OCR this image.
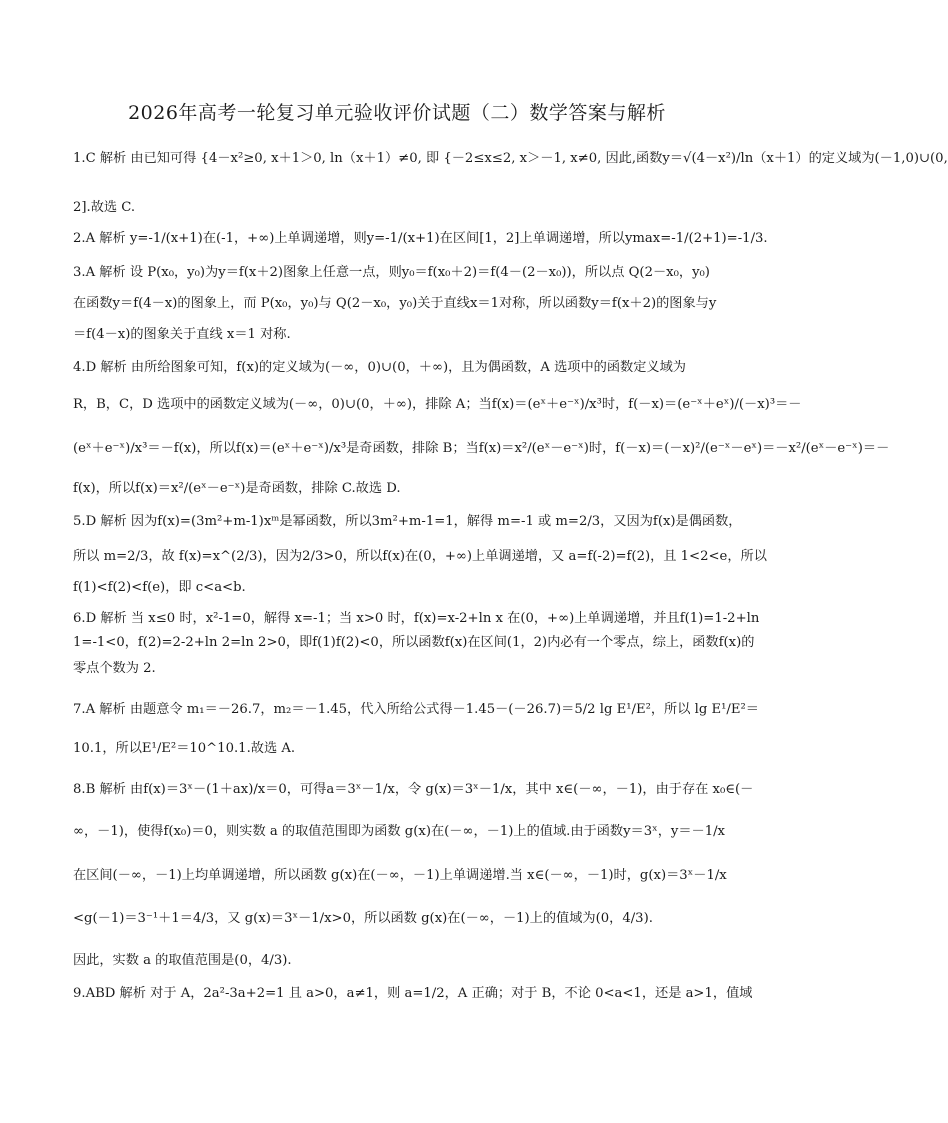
2026年高考一轮复习单元验收评价试题（二）数学答案与解析
1.C 解析 由已知可得 {4－x²≥0, x＋1＞0, ln（x＋1）≠0, 即 {－2≤x≤2, x＞－1, x≠0, 因此,函数y＝√(4－x²)/ln（x＋1）的定义域为(－1,0)∪(0,
2].故选 C.
2.A 解析 y=-1/(x+1)在(-1，+∞)上单调递增，则y=-1/(x+1)在区间[1，2]上单调递增，所以ymax=-1/(2+1)=-1/3.
3.A 解析 设 P(x₀，y₀)为y＝f(x＋2)图象上任意一点，则y₀＝f(x₀＋2)＝f(4－(2－x₀))，所以点 Q(2－x₀，y₀)
在函数y＝f(4－x)的图象上，而 P(x₀，y₀)与 Q(2－x₀，y₀)关于直线x＝1对称，所以函数y＝f(x＋2)的图象与y
＝f(4－x)的图象关于直线 x＝1 对称.
4.D 解析 由所给图象可知，f(x)的定义域为(－∞，0)∪(0，＋∞)，且为偶函数，A 选项中的函数定义域为
R，B，C，D 选项中的函数定义域为(－∞，0)∪(0，＋∞)，排除 A；当f(x)＝(eˣ＋e⁻ˣ)/x³时，f(－x)＝(e⁻ˣ＋eˣ)/(－x)³＝－
(eˣ＋e⁻ˣ)/x³＝－f(x)，所以f(x)＝(eˣ＋e⁻ˣ)/x³是奇函数，排除 B；当f(x)＝x²/(eˣ－e⁻ˣ)时，f(－x)＝(－x)²/(e⁻ˣ－eˣ)＝－x²/(eˣ－e⁻ˣ)＝－
f(x)，所以f(x)＝x²/(eˣ－e⁻ˣ)是奇函数，排除 C.故选 D.
5.D 解析 因为f(x)=(3m²+m-1)xᵐ是幂函数，所以3m²+m-1=1，解得 m=-1 或 m=2/3，又因为f(x)是偶函数，
所以 m=2/3，故 f(x)=x^(2/3)，因为2/3>0，所以f(x)在(0，+∞)上单调递增，又 a=f(-2)=f(2)，且 1<2<e，所以
f(1)<f(2)<f(e)，即 c<a<b.
6.D 解析 当 x≤0 时，x²-1=0，解得 x=-1；当 x>0 时，f(x)=x-2+ln x 在(0，+∞)上单调递增，并且f(1)=1-2+ln
1=-1<0，f(2)=2-2+ln 2=ln 2>0，即f(1)f(2)<0，所以函数f(x)在区间(1，2)内必有一个零点，综上，函数f(x)的
零点个数为 2.
7.A 解析 由题意令 m₁＝－26.7，m₂＝－1.45，代入所给公式得－1.45－(－26.7)＝5/2 lg E¹/E²，所以 lg E¹/E²＝
10.1，所以E¹/E²＝10^10.1.故选 A.
8.B 解析 由f(x)＝3ˣ－(1＋ax)/x＝0，可得a＝3ˣ－1/x，令 g(x)＝3ˣ－1/x，其中 x∈(－∞，－1)，由于存在 x₀∈(－
∞，－1)，使得f(x₀)＝0，则实数 a 的取值范围即为函数 g(x)在(－∞，－1)上的值域.由于函数y＝3ˣ，y＝－1/x
在区间(－∞，－1)上均单调递增，所以函数 g(x)在(－∞，－1)上单调递增.当 x∈(－∞，－1)时，g(x)＝3ˣ－1/x
<g(－1)＝3⁻¹＋1＝4/3，又 g(x)＝3ˣ－1/x>0，所以函数 g(x)在(－∞，－1)上的值域为(0，4/3).
因此，实数 a 的取值范围是(0，4/3).
9.ABD 解析 对于 A，2a²-3a+2=1 且 a>0，a≠1，则 a=1/2，A 正确；对于 B，不论 0<a<1，还是 a>1，值域
